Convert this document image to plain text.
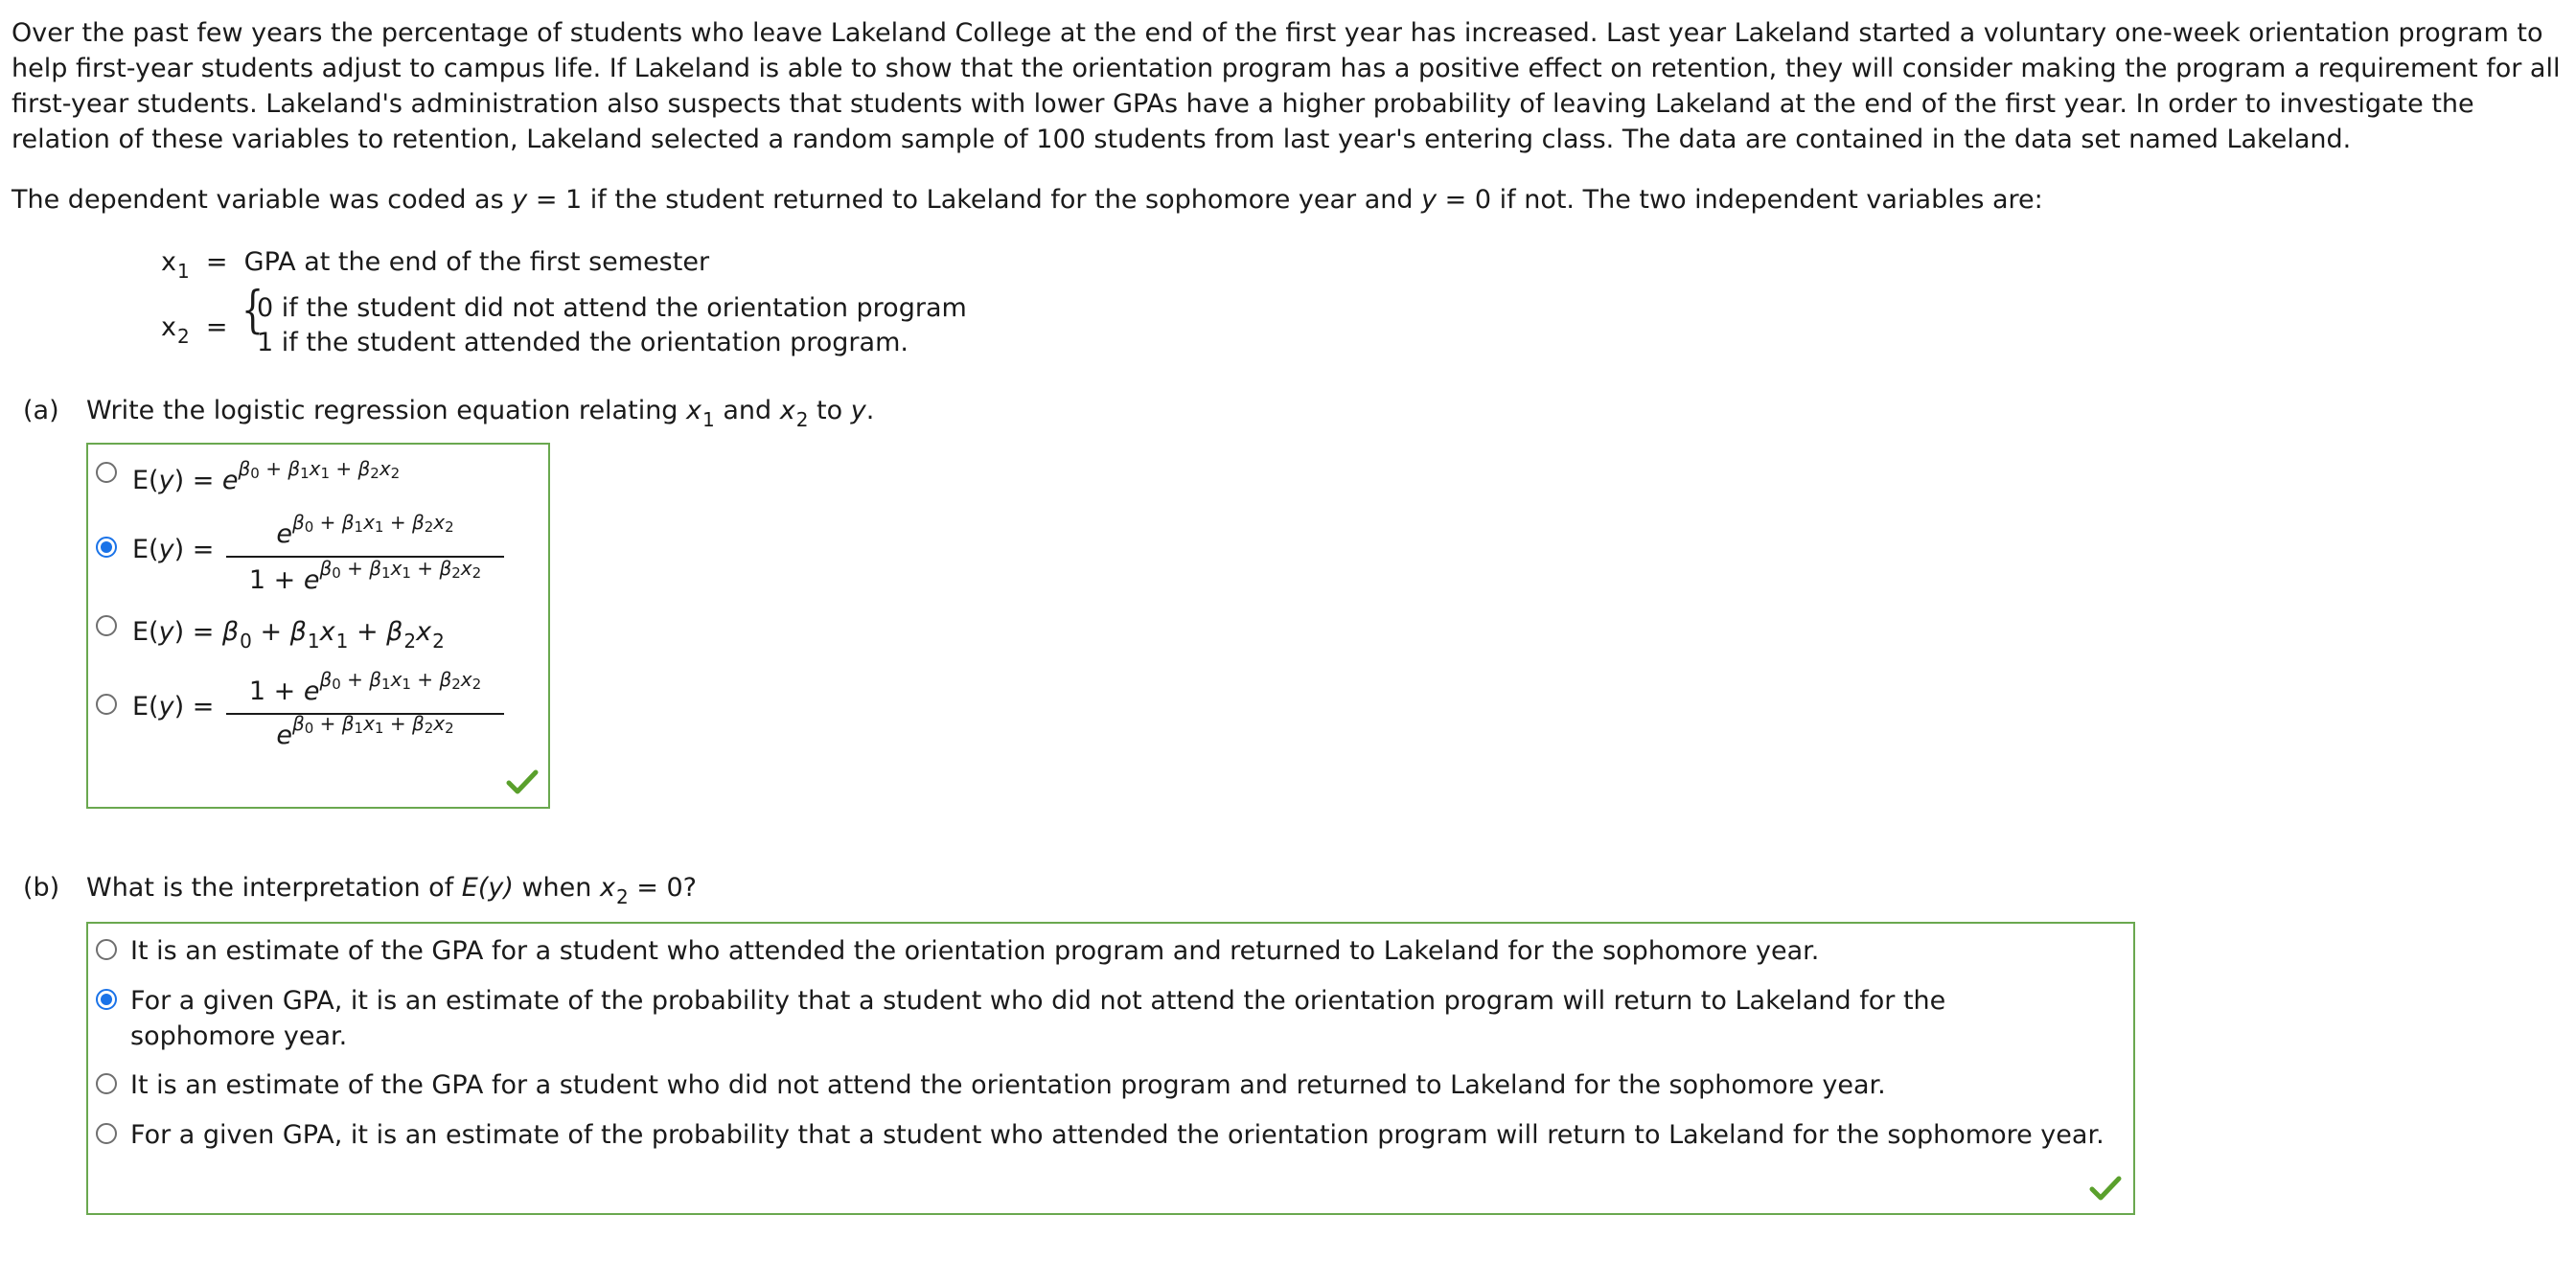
Over the past few years the percentage of students who leave Lakeland College at the end of the first year has increased. Last year Lakeland started a voluntary one-week orientation program to help first-year students adjust to campus life. If Lakeland is able to show that the orientation program has a positive effect on retention, they will consider making the program a requirement for all first-year students. Lakeland's administration also suspects that students with lower GPAs have a higher probability of leaving Lakeland at the end of the first year. In order to investigate the relation of these variables to retention, Lakeland selected a random sample of 100 students from last year's entering class. The data are contained in the data set named Lakeland.

The dependent variable was coded as y = 1 if the student returned to Lakeland for the sophomore year and y = 0 if not. The two independent variables are:

$x_1$  =  GPA at the end of the first semester
$x_2$  = {
0 if the student did not attend the orientation program
1 if the student attended the orientation program.
(a) Write the logistic regression equation relating $x_1$ and $x_2$ to y.
$E(y) = e^{\beta 0 + \beta 1x1 + \beta 2x2}$
E(y) =
$e^{\beta 0 + \beta 1x1 + \beta 2x2}$
$1 + e^{\beta 0 + \beta 1x1 + \beta 2x2}$
$E(y) = \beta_0 + \beta_1x_1 + \beta_2x_2$
E(y) =
$1 + e^{\beta 0 + \beta 1x1 + \beta 2x2}$
$e^{\beta 0 + \beta 1x1 + \beta 2x2}$
(b) What is the interpretation of E(y) when $x_2 = 0$?
It is an estimate of the GPA for a student who attended the orientation program and returned to Lakeland for the sophomore year.
For a given GPA, it is an estimate of the probability that a student who did not attend the orientation program will return to Lakeland for the sophomore year.
It is an estimate of the GPA for a student who did not attend the orientation program and returned to Lakeland for the sophomore year.
For a given GPA, it is an estimate of the probability that a student who attended the orientation program will return to Lakeland for the sophomore year.
